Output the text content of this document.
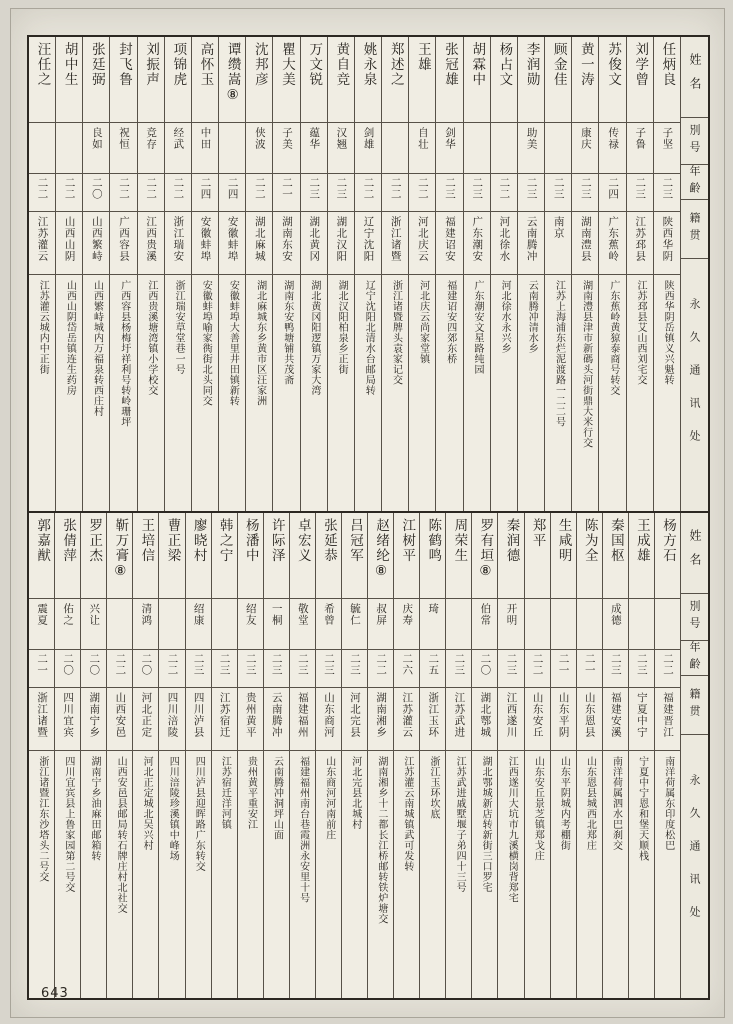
姓名
別号
年齢
籍贯
永久通讯处
任炳良
子坚
二三
陕西华阴
陕西华阴岳镇义兴魁转
刘学曾
子鲁
二三
江苏邳县
江苏邳县艾山西刘宅交
苏俊文
传禄
二四
广东蕉岭
广东蕉岭黄猄泰商号转交
黄一涛
康庆
二三
湖南澧县
湖南澧县津市新碼头河街鼎大米行交
顾金佳
二三
南京
江苏上海浦东烂泥渡路一二二号
李润勋
助美
二三
云南腾冲
云南腾冲清水乡
杨占文
二二
河北徐水
河北徐水永兴乡
胡霖中
二三
广东潮安
广东潮安文星路纯园
张冠雄
剑华
二三
福建诏安
福建诏安四郊东桥
王雄
自壮
二二
河北庆云
河北庆云尚家堂镇
郑述之
二二
浙江诸暨
浙江诸暨牌头袁家记交
姚永泉
剑雄
二二
辽宁沈阳
辽宁沈阳北清水台邮局转
黄自竞
汉翘
二三
湖北汉阳
湖北汉阳柏泉乡正街
万文锐
蕴华
二三
湖北黄冈
湖北黄冈阳逻镇万家大湾
瞿大美
子美
二一
湖南东安
湖南东安鸭塘铺共茂斋
沈邦彦
侠波
二二
湖北麻城
湖北麻城东乡黄市区汪家洲
谭缵嵩⑧
二四
安徽蚌埠
安徽蚌埠大善里井田镇新转
高怀玉
中田
二四
安徽蚌埠
安徽蚌埠喻家衖街北头同交
项锦虎
经武
二二
浙江瑞安
浙江瑞安草堂巷一号
刘振声
竞存
二二
江西贵溪
江西贵溪塘湾镇小学校交
封飞鲁
祝恒
二二
广西容县
广西容县杨梅圩祥利号转岭珊坪
张廷弼
良如
二〇
山西繁峙
山西繁峙城内万福泉转西庄村
胡中生
二二
山西山阴
山西山阴岱岳镇连生药房
汪任之
二二
江苏灌云
江苏灌云城内中正街
姓名
別号
年齢
籍贯
永久通讯处
杨方石
二二
福建晋江
南洋荷属东印度松巴
王成雄
二三
宁夏中宁
宁夏中宁恩和堡天顺栈
秦国枢
成德
二三
福建安溪
南洋荷属泗水巴刹交
陈为全
二一
山东恩县
山东恩县城西北郑庄
生咸明
二一
山东平阴
山东平阴城内考棚街
郑平
二二
山东安丘
山东安丘景芝镇郑戈庄
秦润德
开明
二三
江西遂川
江西遂川大坑市九溪横岗背郑宅
罗有垣⑧
伯常
二〇
湖北鄂城
湖北鄂城新店转新街三口罗宅
周荣生
二三
江苏武进
江苏武进戚墅堰子弟四十三号
陈鹤鸣
琦
二五
浙江玉环
浙江玉环坎底
江树平
庆寿
二六
江苏灌云
江苏灌云南城镇武可发转
赵绪纶⑧
叔屏
二二
湖南湘乡
湖南湘乡十二都长江桥邮转铁炉塘交
吕冠军
毓仁
二三
河北完县
河北完县北城村
张延恭
希曾
二三
山东商河
山东商河河南前庄
卓宏义
敬堂
二三
福建福州
福建福州南台巷霞洲永安里十号
许际泽
一桐
二三
云南腾冲
云南腾冲洞坪山面
杨潘中
绍友
二三
贵州黄平
贵州黄平重安江
韩之宁
二三
江苏宿迁
江苏宿迁洋河镇
廖晓村
绍康
二三
四川泸县
四川泸县迎晖路广东转交
曹正梁
二二
四川涪陵
四川涪陵珍溪镇中峰场
王培信
清鸿
二〇
河北正定
河北正定城北吴兴村
靳万膏⑧
二二
山西安邑
山西安邑县邮局转石牌庄村北社交
罗正杰
兴让
二〇
湖南宁乡
湖南宁乡油麻田邮箱转
张倩萍
佑之
二〇
四川宜宾
四川宜宾县上鲁家园第二号交
郭嘉猷
震夏
二一
浙江诸暨
浙江诸暨江东沙塔头二号交
643
